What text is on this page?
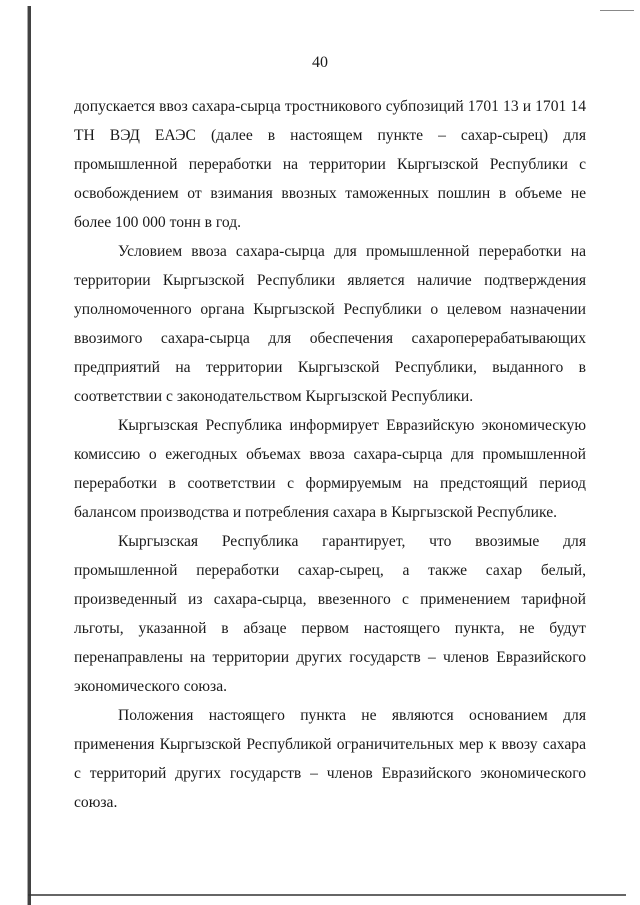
40

допускается ввоз сахара-сырца тростникового субпозиций 1701 13 и 1701 14 ТН ВЭД ЕАЭС (далее в настоящем пункте – сахар-сырец) для промышленной переработки на территории Кыргызской Республики с освобождением от взимания ввозных таможенных пошлин в объеме не более 100 000 тонн в год.

Условием ввоза сахара-сырца для промышленной переработки на территории Кыргызской Республики является наличие подтверждения уполномоченного органа Кыргызской Республики о целевом назначении ввозимого сахара-сырца для обеспечения сахароперерабатывающих предприятий на территории Кыргызской Республики, выданного в соответствии с законодательством Кыргызской Республики.

Кыргызская Республика информирует Евразийскую экономическую комиссию о ежегодных объемах ввоза сахара-сырца для промышленной переработки в соответствии с формируемым на предстоящий период балансом производства и потребления сахара в Кыргызской Республике.

Кыргызская Республика гарантирует, что ввозимые для промышленной переработки сахар-сырец, а также сахар белый, произведенный из сахара-сырца, ввезенного с применением тарифной льготы, указанной в абзаце первом настоящего пункта, не будут перенаправлены на территории других государств – членов Евразийского экономического союза.

Положения настоящего пункта не являются основанием для применения Кыргызской Республикой ограничительных мер к ввозу сахара с территорий других государств – членов Евразийского экономического союза.
